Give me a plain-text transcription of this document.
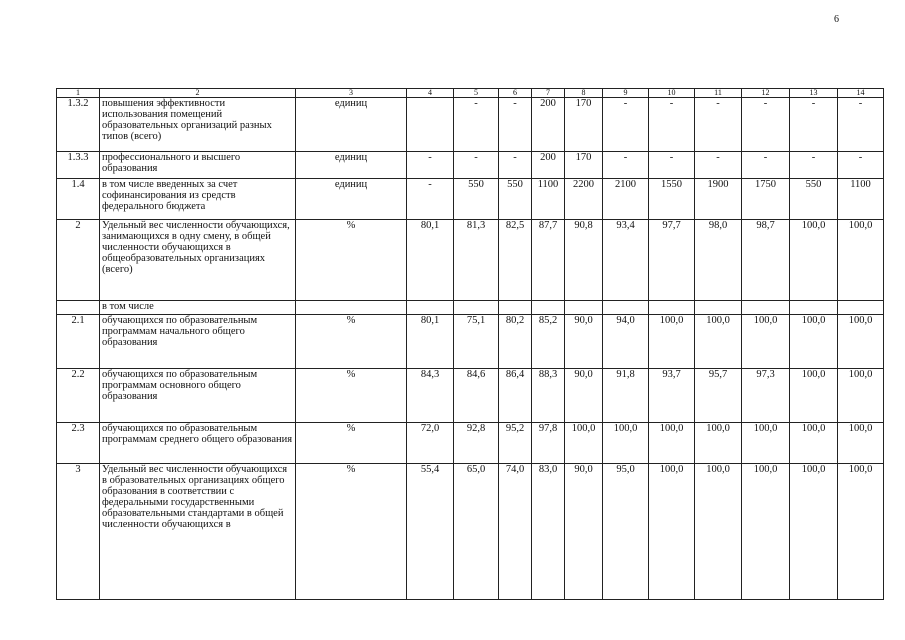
6
1	2	3	4	5	6	7	8	9	10	11	12	13	14
1.3.2	повышения эффективности использования помещений образовательных организаций разных типов (всего)	единиц		-	-	200	170	-	-	-	-	-	-
1.3.3	профессионального и высшего образования	единиц	-	-	-	200	170	-	-	-	-	-	-
1.4	в том числе введенных за счет софинансирования из средств федерального бюджета	единиц	-	550	550	1100	2200	2100	1550	1900	1750	550	1100
2	Удельный вес численности обучающихся, занимающихся в одну смену, в общей численности обучающихся в общеобразовательных организациях (всего)	%	80,1	81,3	82,5	87,7	90,8	93,4	97,7	98,0	98,7	100,0	100,0
	в том числе												
2.1	обучающихся по образовательным программам начального общего образования	%	80,1	75,1	80,2	85,2	90,0	94,0	100,0	100,0	100,0	100,0	100,0
2.2	обучающихся по образовательным программам основного общего образования	%	84,3	84,6	86,4	88,3	90,0	91,8	93,7	95,7	97,3	100,0	100,0
2.3	обучающихся по образовательным программам среднего общего образования	%	72,0	92,8	95,2	97,8	100,0	100,0	100,0	100,0	100,0	100,0	100,0
3	Удельный вес численности обучающихся в образовательных организациях общего образования в соответствии с федеральными государственными образовательными стандартами в общей численности обучающихся в	%	55,4	65,0	74,0	83,0	90,0	95,0	100,0	100,0	100,0	100,0	100,0
